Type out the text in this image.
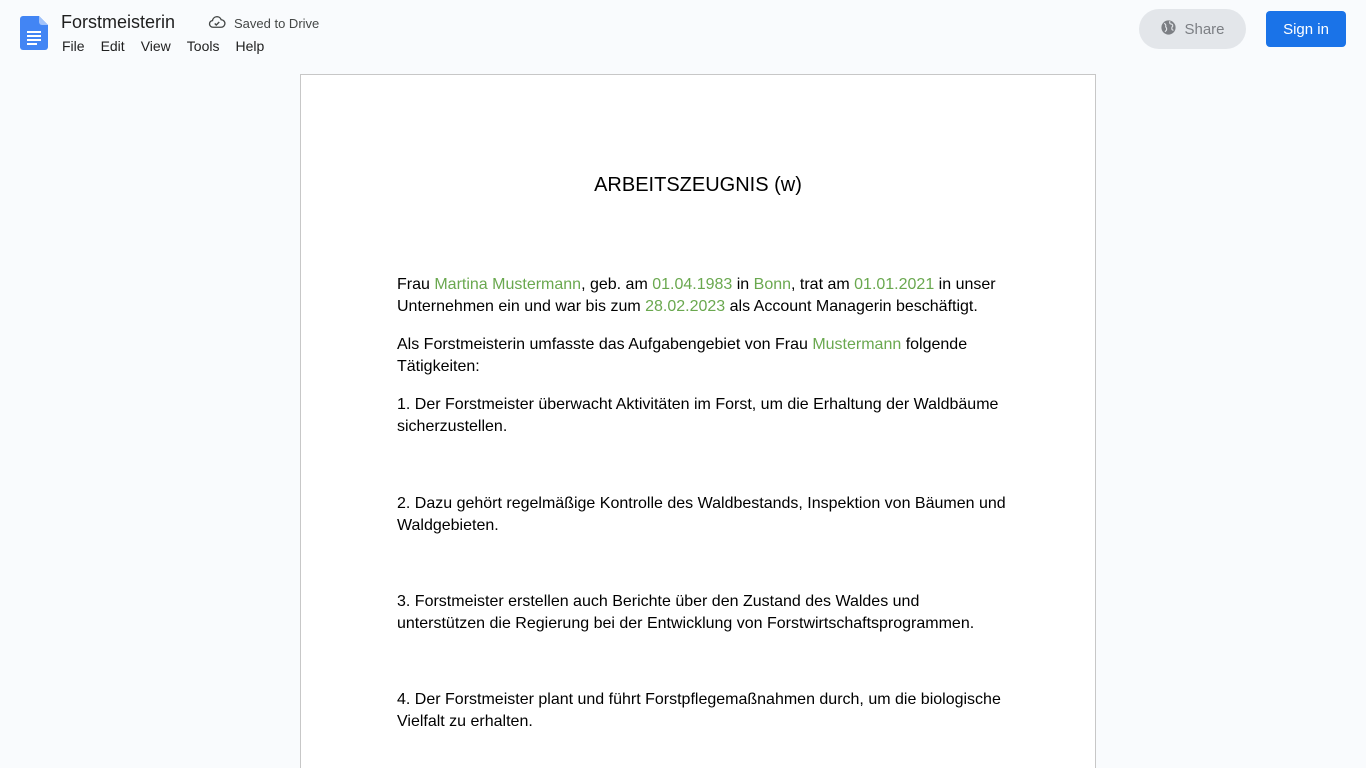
Forstmeisterin	Saved to Drive
File	Edit	View	Tools	Help
Share	Sign in
ARBEITSZEUGNIS (w)

Frau Martina Mustermann, geb. am 01.04.1983 in Bonn, trat am 01.01.2021 in unser Unternehmen ein und war bis zum 28.02.2023 als Account Managerin beschäftigt.

Als Forstmeisterin umfasste das Aufgabengebiet von Frau Mustermann folgende Tätigkeiten:

1. Der Forstmeister überwacht Aktivitäten im Forst, um die Erhaltung der Waldbäume sicherzustellen.

2. Dazu gehört regelmäßige Kontrolle des Waldbestands, Inspektion von Bäumen und Waldgebieten.

3. Forstmeister erstellen auch Berichte über den Zustand des Waldes und unterstützen die Regierung bei der Entwicklung von Forstwirtschaftsprogrammen.

4. Der Forstmeister plant und führt Forstpflegemaßnahmen durch, um die biologische Vielfalt zu erhalten.
